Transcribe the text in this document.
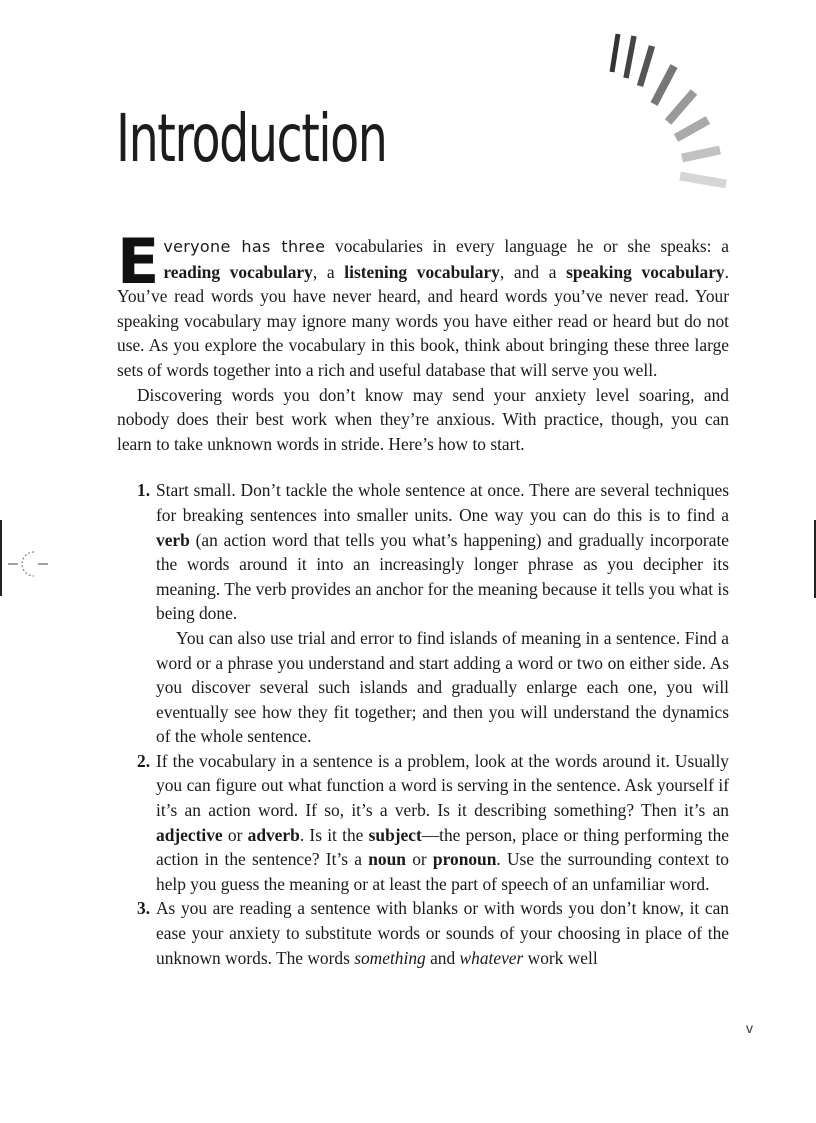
Introduction

Everyone has three vocabularies in every language he or she speaks: a reading vocabulary, a listening vocabulary, and a speaking vocabulary. You’ve read words you have never heard, and heard words you’ve never read. Your speaking vocabulary may ignore many words you have either read or heard but do not use. As you explore the vocabulary in this book, think about bringing these three large sets of words together into a rich and useful database that will serve you well.

Discovering words you don’t know may send your anxiety level soaring, and nobody does their best work when they’re anxious. With practice, though, you can learn to take unknown words in stride. Here’s how to start.

1. Start small. Don’t tackle the whole sentence at once. There are several techniques for breaking sentences into smaller units. One way you can do this is to find a verb (an action word that tells you what’s happening) and gradually incorporate the words around it into an increasingly longer phrase as you decipher its meaning. The verb provides an anchor for the meaning because it tells you what is being done.

You can also use trial and error to find islands of meaning in a sentence. Find a word or a phrase you understand and start adding a word or two on either side. As you discover several such islands and gradually enlarge each one, you will eventually see how they fit together; and then you will understand the dynamics of the whole sentence.

2. If the vocabulary in a sentence is a problem, look at the words around it. Usually you can figure out what function a word is serving in the sentence. Ask yourself if it’s an action word. If so, it’s a verb. Is it describing something? Then it’s an adjective or adverb. Is it the subject—the person, place or thing performing the action in the sentence? It’s a noun or pronoun. Use the surrounding context to help you guess the meaning or at least the part of speech of an unfamiliar word.

3. As you are reading a sentence with blanks or with words you don’t know, it can ease your anxiety to substitute words or sounds of your choosing in place of the unknown words. The words something and whatever work well

v
